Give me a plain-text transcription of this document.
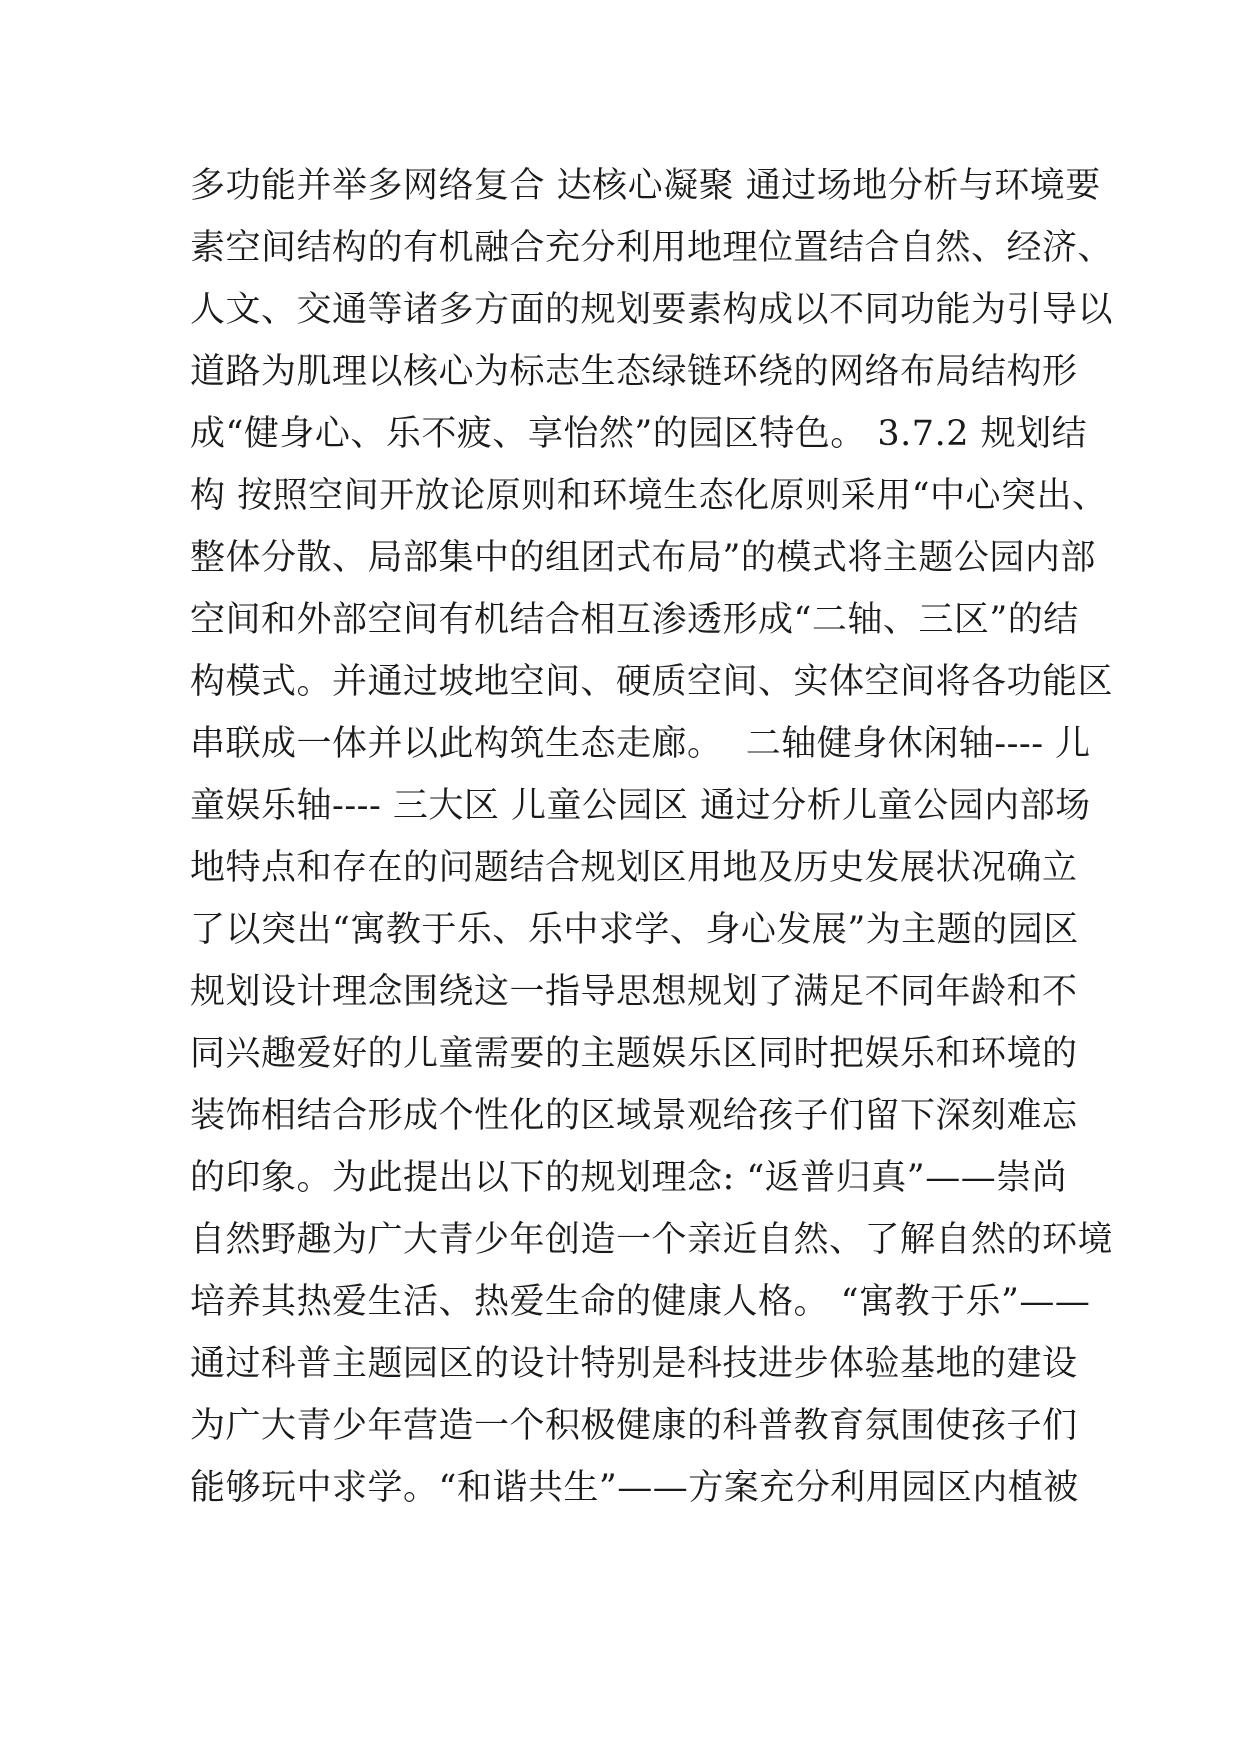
多功能并举多网络复合 达核心凝聚 通过场地分析与环境要
素空间结构的有机融合充分利用地理位置结合自然、经济、
人文、交通等诸多方面的规划要素构成以不同功能为引导以
道路为肌理以核心为标志生态绿链环绕的网络布局结构形
成“健身心、乐不疲、享怡然”的园区特色。 3.7.2 规划结
构 按照空间开放论原则和环境生态化原则采用“中心突出、
整体分散、局部集中的组团式布局”的模式将主题公园内部
空间和外部空间有机结合相互渗透形成“二轴、三区”的结
构模式。并通过坡地空间、硬质空间、实体空间将各功能区
串联成一体并以此构筑生态走廊。  二轴健身休闲轴---- 儿
童娱乐轴---- 三大区 儿童公园区 通过分析儿童公园内部场
地特点和存在的问题结合规划区用地及历史发展状况确立
了以突出“寓教于乐、乐中求学、身心发展”为主题的园区
规划设计理念围绕这一指导思想规划了满足不同年龄和不
同兴趣爱好的儿童需要的主题娱乐区同时把娱乐和环境的
装饰相结合形成个性化的区域景观给孩子们留下深刻难忘
的印象。为此提出以下的规划理念: “返普归真”——崇尚
自然野趣为广大青少年创造一个亲近自然、了解自然的环境
培养其热爱生活、热爱生命的健康人格。 “寓教于乐”——
通过科普主题园区的设计特别是科技进步体验基地的建设
为广大青少年营造一个积极健康的科普教育氛围使孩子们
能够玩中求学。“和谐共生”——方案充分利用园区内植被
